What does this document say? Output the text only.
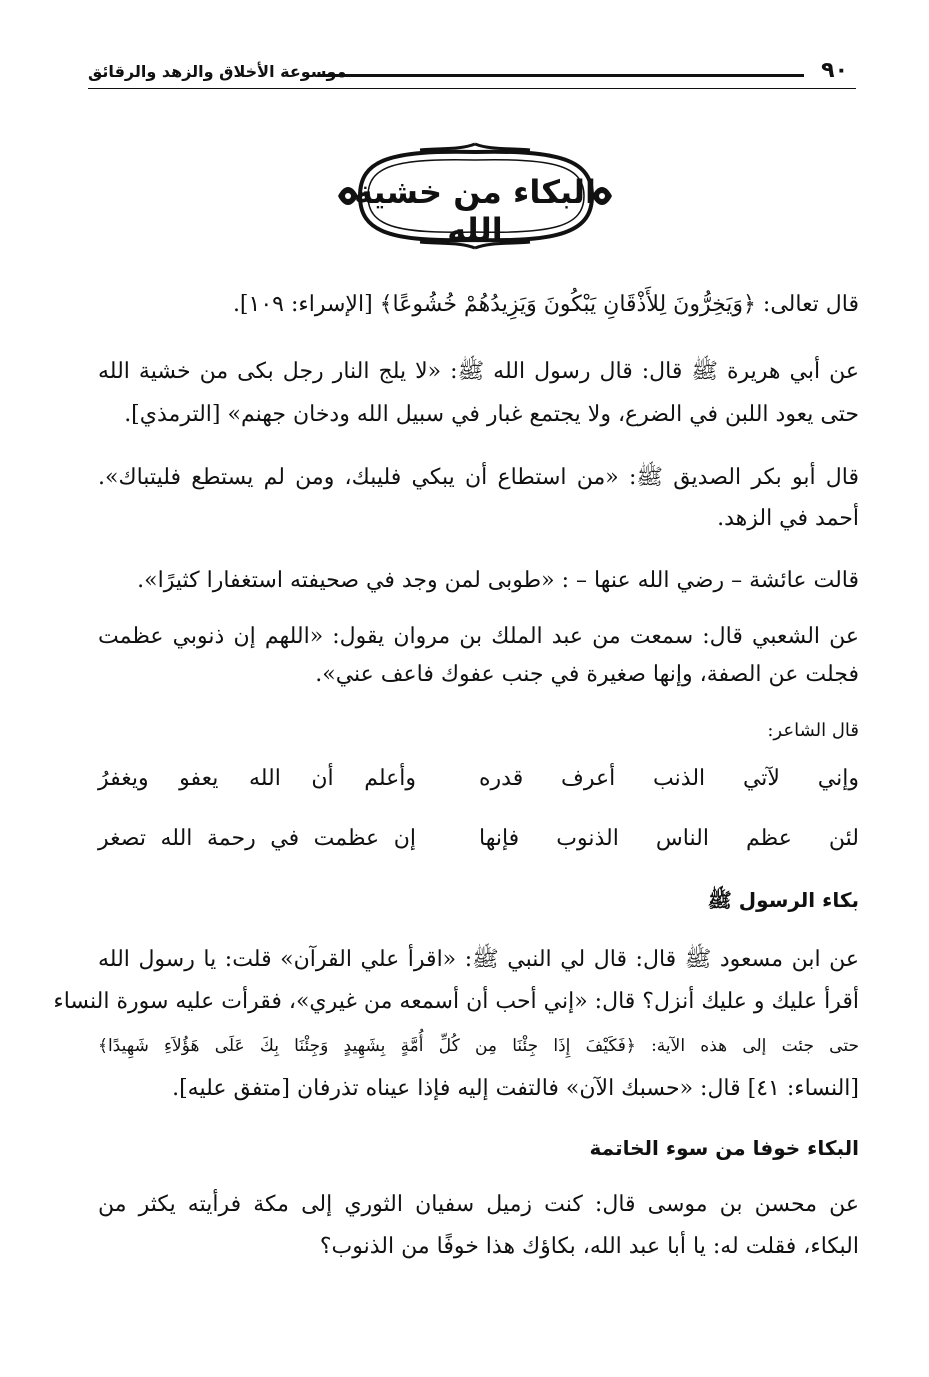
٩٠
موسوعة الأخلاق والزهد والرقائق
البكاء من خشية الله
قال تعالى: ﴿وَيَخِرُّونَ لِلأَذْقَانِ يَبْكُونَ وَيَزِيدُهُمْ خُشُوعًا﴾ [الإسراء: ١٠٩].
عن أبي هريرة ﷺ قال: قال رسول الله ﷺ: «لا يلج النار رجل بكى من خشية الله
حتى يعود اللبن في الضرع، ولا يجتمع غبار في سبيل الله ودخان جهنم» [الترمذي].
قال أبو بكر الصديق ﷺ: «من استطاع أن يبكي فليبك، ومن لم يستطع فليتباك».
أحمد في الزهد.
قالت عائشة – رضي الله عنها – : «طوبى لمن وجد في صحيفته استغفارا كثيرًا».
عن الشعبي قال: سمعت من عبد الملك بن مروان يقول: «اللهم إن ذنوبي عظمت
فجلت عن الصفة، وإنها صغيرة في جنب عفوك فاعف عني».
قال الشاعر:
وإني لآتي الذنب أعرف قدره
وأعلم أن الله يعفو ويغفرُ
لئن عظم الناس الذنوب فإنها
إن عظمت في رحمة الله تصغر
بكاء الرسول ﷺ
عن ابن مسعود ﷺ قال: قال لي النبي ﷺ: «اقرأ علي القرآن» قلت: يا رسول الله
أقرأ عليك و عليك أنزل؟ قال: «إني أحب أن أسمعه من غيري»، فقرأت عليه سورة النساء
حتى جئت إلى هذه الآية: ﴿فَكَيْفَ إِذَا جِئْنَا مِن كُلِّ أُمَّةٍ بِشَهِيدٍ وَجِئْنَا بِكَ عَلَى هَؤُلاَءِ شَهِيدًا﴾
[النساء: ٤١] قال: «حسبك الآن» فالتفت إليه فإذا عيناه تذرفان [متفق عليه].
البكاء خوفا من سوء الخاتمة
عن محسن بن موسى قال: كنت زميل سفيان الثوري إلى مكة فرأيته يكثر من
البكاء، فقلت له: يا أبا عبد الله، بكاؤك هذا خوفًا من الذنوب؟
